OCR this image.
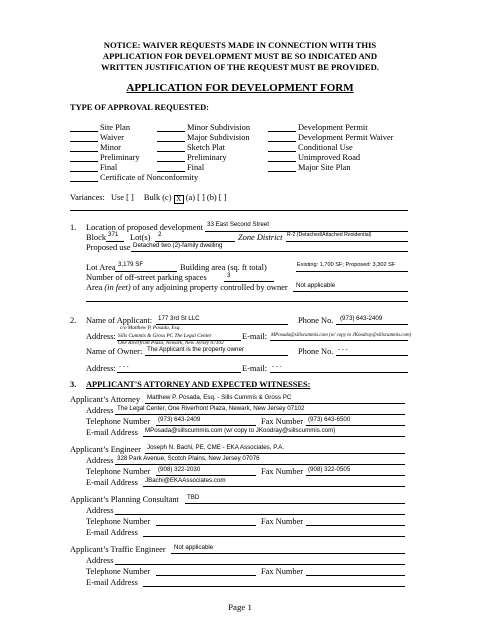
NOTICE: WAIVER REQUESTS MADE IN CONNECTION WITH THIS
APPLICATION FOR DEVELOPMENT MUST BE SO INDICATED AND
WRITTEN JUSTIFICATION OF THE REQUEST MUST BE PROVIDED.
APPLICATION FOR DEVELOPMENT FORM
TYPE OF APPROVAL REQUESTED:
Site Plan
Waiver
Minor
Preliminary
Final
Certificate of Nonconformity
Minor Subdivision
Major Subdivision
Sketch Plat
Preliminary
Final
Development Permit
Development Permit Waiver
Conditional Use
Unimproved Road
Major Site Plan
Variances: Use [ ] Bulk (c) X (a) [ ] (b) [ ]
1. Location of proposed development 33 East Second Street
Block 371 Lot(s) 2	Zone District R-2 (Detached/Attached Residential)
Proposed use Detached two (2)-family dwelling
Lot Area 3,179 SF	Building area (sq. ft total)	Existing: 1,700 SF; Proposed: 3,302 SF
Number of off-street parking spaces	3
Area (in feet) of any adjoining property controlled by owner Not applicable
2. Name of Applicant: 177 3rd St LLC
c/o Matthew P. Posada, Esq.
Phone No. (973) 643-2409
Address: Sills Cummis & Gross PC The Legal Center
One Riverfront Plaza, Newark, New Jersey 07102
E-mail: MPosada@sillscummis.com (w/ copy to JKoodray@sillscummis.com)
Name of Owner: The Applicant is the property owner	Phone No. - - -
Address: - - -	E-mail: - - -
3. APPLICANT'S ATTORNEY AND EXPECTED WITNESSES:
Applicant’s Attorney Matthew P. Posada, Esq. - Sills Cummis & Gross PC
Address The Legal Center, One Riverfront Plaza, Newark, New Jersey 07102
Telephone Number (973) 643-2409	Fax Number (973) 643-6500
E-mail Address MPosada@sillscummis.com (w/ copy to JKoodray@sillscummis.com)
Applicant’s Engineer Joseph N. Bachi, PE, CME - EKA Associates, P.A.
Address 328 Park Avenue, Scotch Plains, New Jersey 07076
Telephone Number (908) 322-2030	Fax Number (908) 322-0505
E-mail Address JBachi@EKAAssociates.com
Applicant’s Planning Consultant TBD
Address
Telephone Number	Fax Number
E-mail Address
Applicant’s Traffic Engineer Not applicable
Address
Telephone Number	Fax Number
E-mail Address
Page 1
